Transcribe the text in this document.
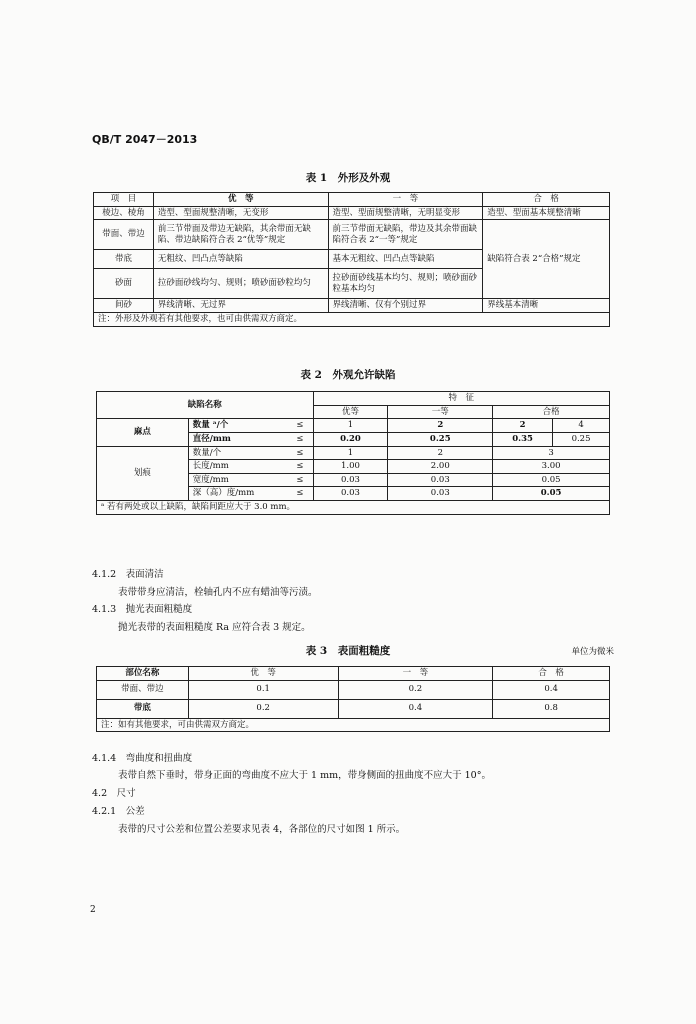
QB/T 2047－2013
表 1　外形及外观
项　目	优　等	一　等	合　格
棱边、棱角	造型、型面规整清晰，无变形	造型、型面规整清晰，无明显变形	造型、型面基本规整清晰
带面、带边	前三节带面及带边无缺陷，其余带面无缺陷、带边缺陷符合表 2“优等”规定	前三节带面无缺陷，带边及其余带面缺陷符合表 2“一等”规定	缺陷符合表 2“合格”规定
带底	无粗纹、凹凸点等缺陷	基本无粗纹、凹凸点等缺陷	
砂面	拉砂面砂线均匀、规则；喷砂面砂粒均匀	拉砂面砂线基本均匀、规则；喷砂面砂粒基本均匀	
间砂	界线清晰、无过界	界线清晰、仅有个别过界	界线基本清晰
注：外形及外观若有其他要求，也可由供需双方商定。			
表 2　外观允许缺陷
缺陷名称			特　征			
			优等	一等	合格	
麻点	数量 ᵃ/个	≤	1	2	2	4
	直径/mm	≤	0.20	0.25	0.35	0.25
划痕	数量/个	≤	1	2	3	
	长度/mm	≤	1.00	2.00	3.00	
	宽度/mm	≤	0.03	0.03	0.05	
	深（高）度/mm	≤	0.03	0.03	0.05	
ᵃ 若有两处或以上缺陷，缺陷间距应大于 3.0 mm。						
4.1.2　表面清洁
表带带身应清洁，栓轴孔内不应有蜡油等污渍。
4.1.3　抛光表面粗糙度
抛光表带的表面粗糙度 Ra 应符合表 3 规定。
表 3　表面粗糙度	单位为微米
部位名称	优　等	一　等	合　格
带面、带边	0.1	0.2	0.4
带底	0.2	0.4	0.8
注：如有其他要求，可由供需双方商定。			
4.1.4　弯曲度和扭曲度
表带自然下垂时，带身正面的弯曲度不应大于 1 mm，带身侧面的扭曲度不应大于 10°。
4.2　尺寸
4.2.1　公差
表带的尺寸公差和位置公差要求见表 4，各部位的尺寸如图 1 所示。
2
